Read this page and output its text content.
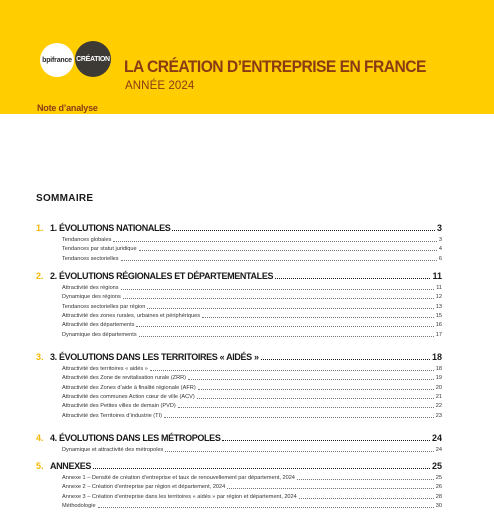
bpifrance CRÉATION LA CRÉATION D’ENTREPRISE EN FRANCE
ANNÉE 2024
Note d’analyse
SOMMAIRE
1. 1. ÉVOLUTIONS NATIONALES	3
Tendances globales	3
Tendances par statut juridique	4
Tendances sectorielles	6
2. 2. ÉVOLUTIONS RÉGIONALES ET DÉPARTEMENTALES	11
Attractivité des régions	11
Dynamique des régions	12
Tendances sectorielles par région	13
Attractivité des zones rurales, urbaines et périphériques	15
Attractivité des départements	16
Dynamique des départements	17
3. 3. ÉVOLUTIONS DANS LES TERRITOIRES « AIDÉS »	18
Attractivité des territoires « aidés »	18
Attractivité des Zone de revitalisation rurale (ZRR)	19
Attractivité des Zones d’aide à finalité régionale (AFR)	20
Attractivité des communes Action cœur de ville (ACV)	21
Attractivité des Petites villes de demain (PVD)	22
Attractivité des Territoires d’industrie (TI)	23
4. 4. ÉVOLUTIONS DANS LES MÉTROPOLES	24
Dynamique et attractivité des métropoles	24
5. ANNEXES	25
Annexe 1 – Densité de création d’entreprise et taux de renouvellement par département, 2024	25
Annexe 2 – Création d’entreprise par région et département, 2024	26
Annexe 3 – Création d’entreprise dans les territoires « aidés » par région et département, 2024	28
Méthodologie	30
